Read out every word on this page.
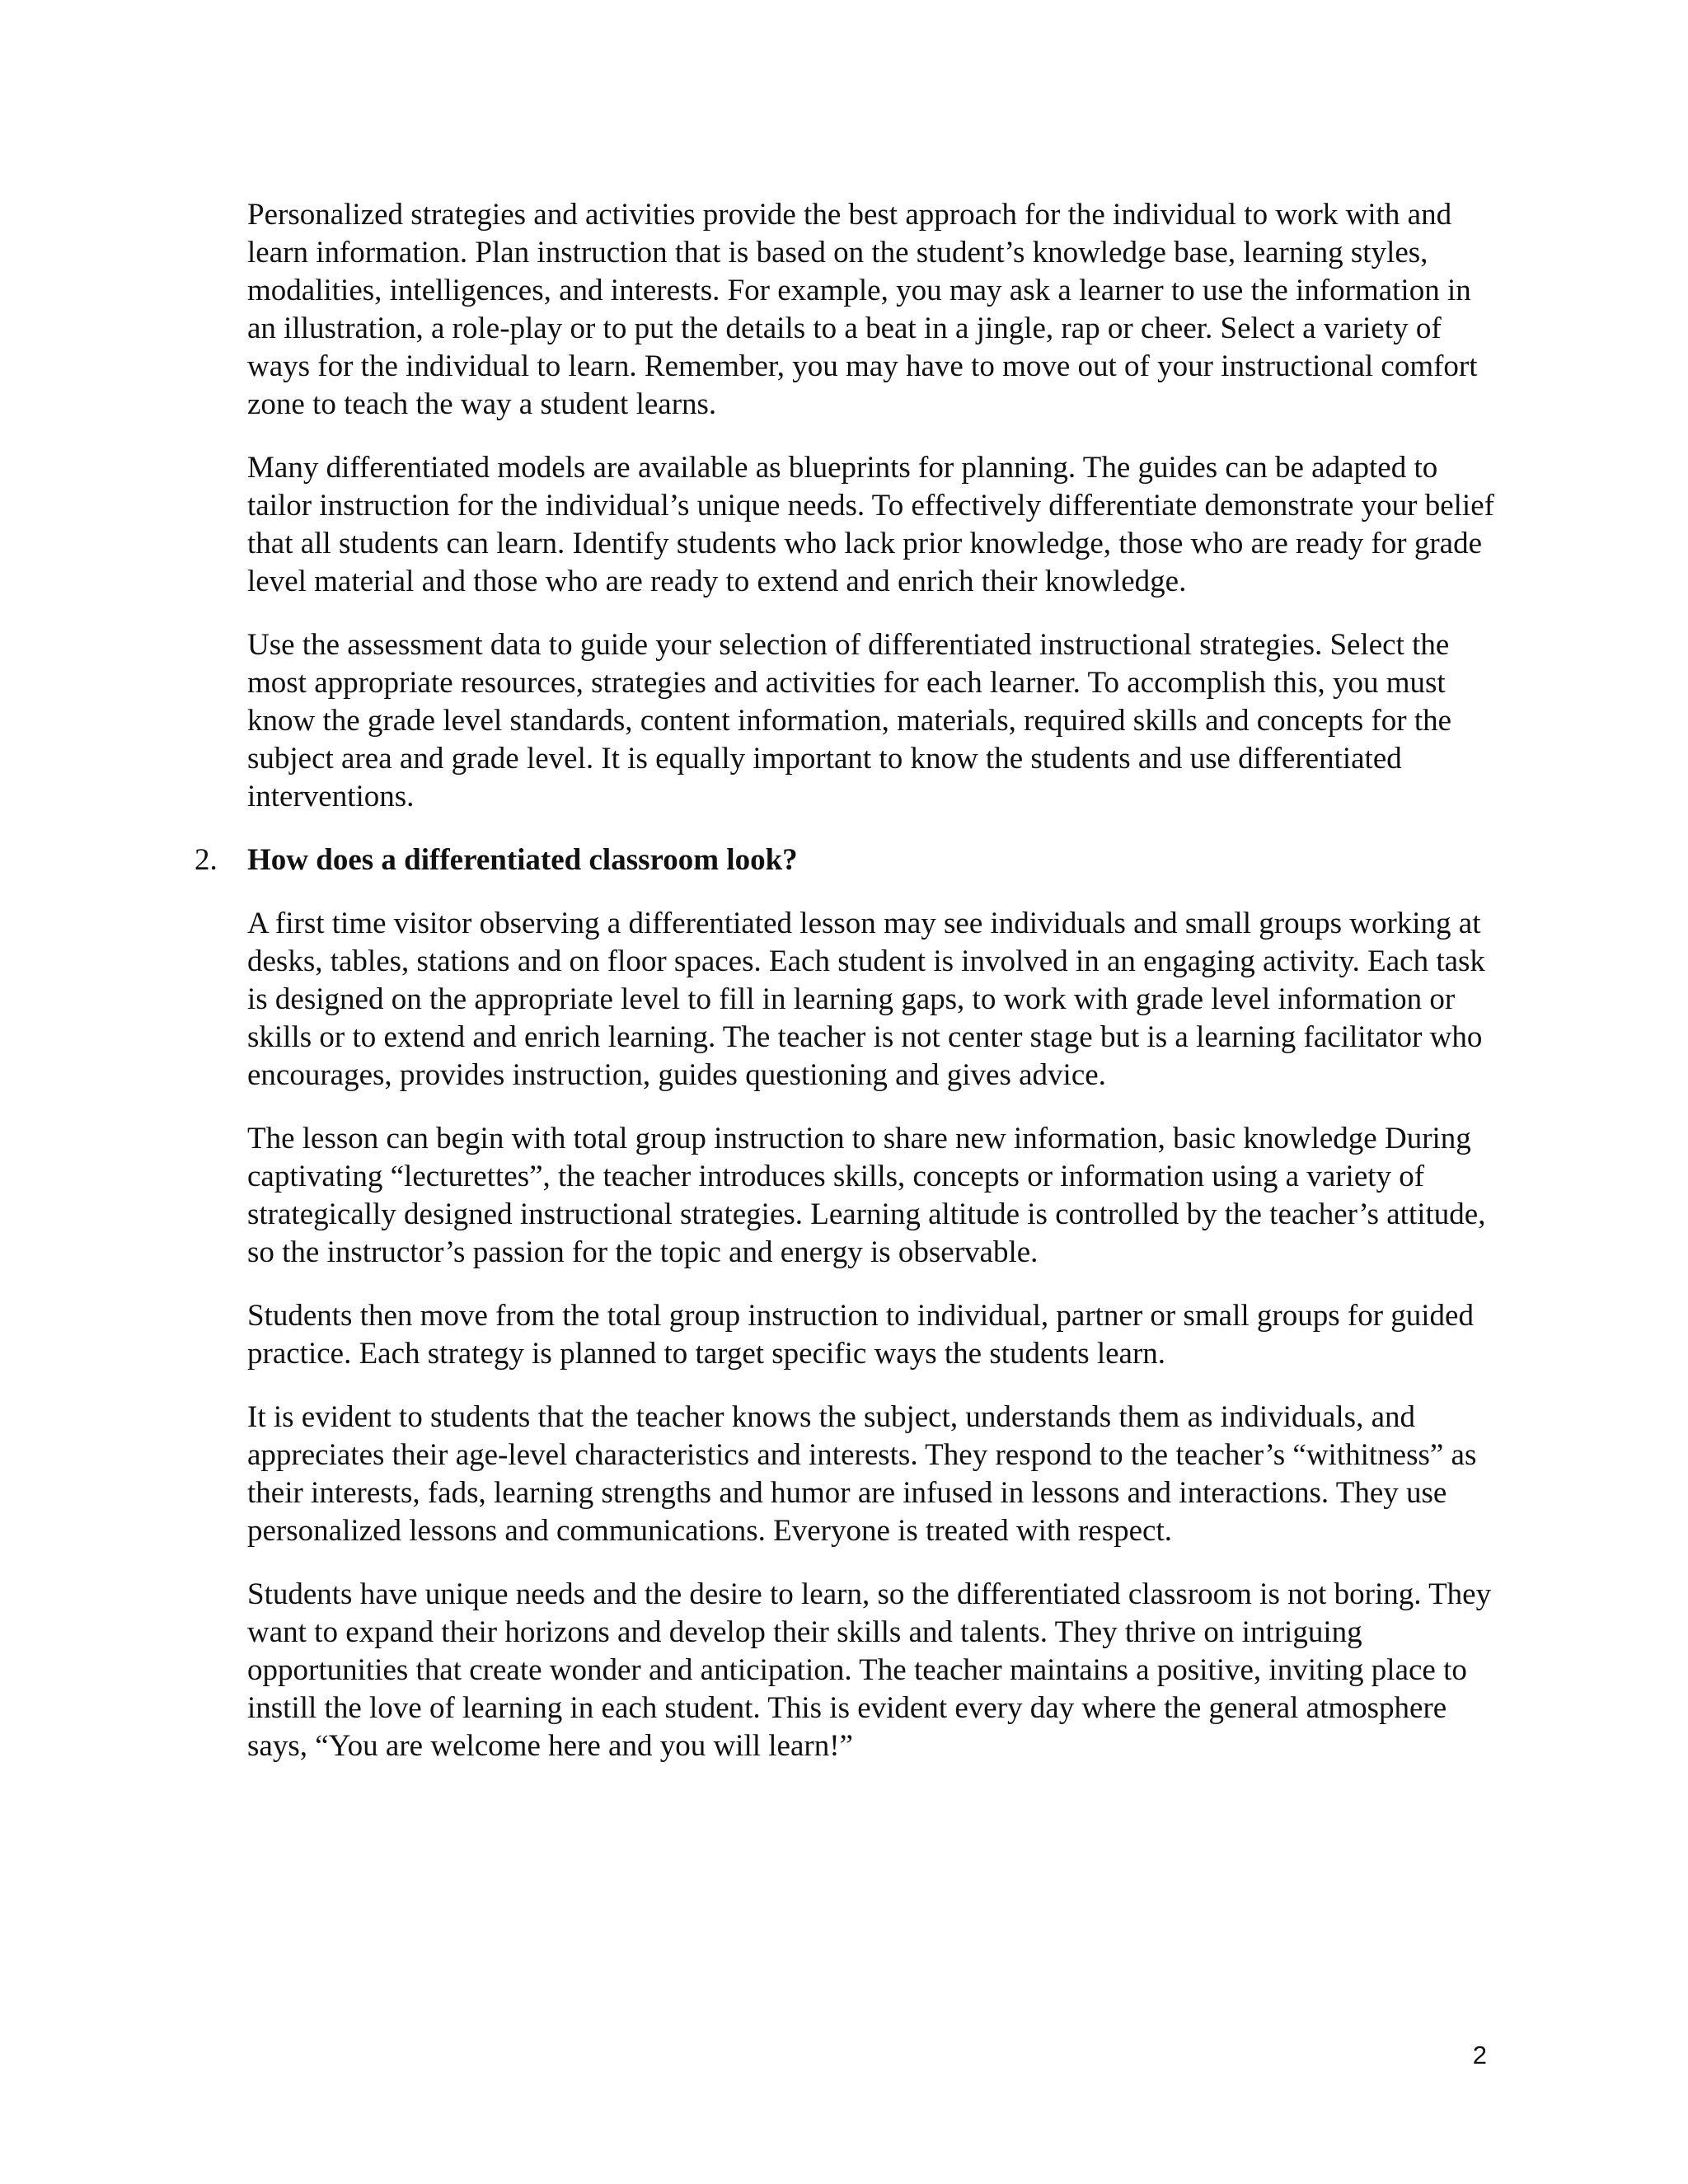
Personalized strategies and activities provide the best approach for the individual to work with and learn information. Plan instruction that is based on the student’s knowledge base, learning styles, modalities, intelligences, and interests. For example, you may ask a learner to use the information in an illustration, a role-play or to put the details to a beat in a jingle, rap or cheer. Select a variety of ways for the individual to learn. Remember, you may have to move out of your instructional comfort zone to teach the way a student learns.

Many differentiated models are available as blueprints for planning. The guides can be adapted to tailor instruction for the individual’s unique needs. To effectively differentiate demonstrate your belief that all students can learn. Identify students who lack prior knowledge, those who are ready for grade level material and those who are ready to extend and enrich their knowledge.

Use the assessment data to guide your selection of differentiated instructional strategies. Select the most appropriate resources, strategies and activities for each learner. To accomplish this, you must know the grade level standards, content information, materials, required skills and concepts for the subject area and grade level. It is equally important to know the students and use differentiated interventions.

2. How does a differentiated classroom look?

A first time visitor observing a differentiated lesson may see individuals and small groups working at desks, tables, stations and on floor spaces. Each student is involved in an engaging activity. Each task is designed on the appropriate level to fill in learning gaps, to work with grade level information or skills or to extend and enrich learning. The teacher is not center stage but is a learning facilitator who encourages, provides instruction, guides questioning and gives advice.

The lesson can begin with total group instruction to share new information, basic knowledge During captivating “lecturettes”, the teacher introduces skills, concepts or information using a variety of strategically designed instructional strategies. Learning altitude is controlled by the teacher’s attitude, so the instructor’s passion for the topic and energy is observable.

Students then move from the total group instruction to individual, partner or small groups for guided practice. Each strategy is planned to target specific ways the students learn.

It is evident to students that the teacher knows the subject, understands them as individuals, and appreciates their age-level characteristics and interests. They respond to the teacher’s “withitness” as their interests, fads, learning strengths and humor are infused in lessons and interactions. They use personalized lessons and communications. Everyone is treated with respect.

Students have unique needs and the desire to learn, so the differentiated classroom is not boring. They want to expand their horizons and develop their skills and talents. They thrive on intriguing opportunities that create wonder and anticipation. The teacher maintains a positive, inviting place to instill the love of learning in each student. This is evident every day where the general atmosphere says, “You are welcome here and you will learn!”

2
